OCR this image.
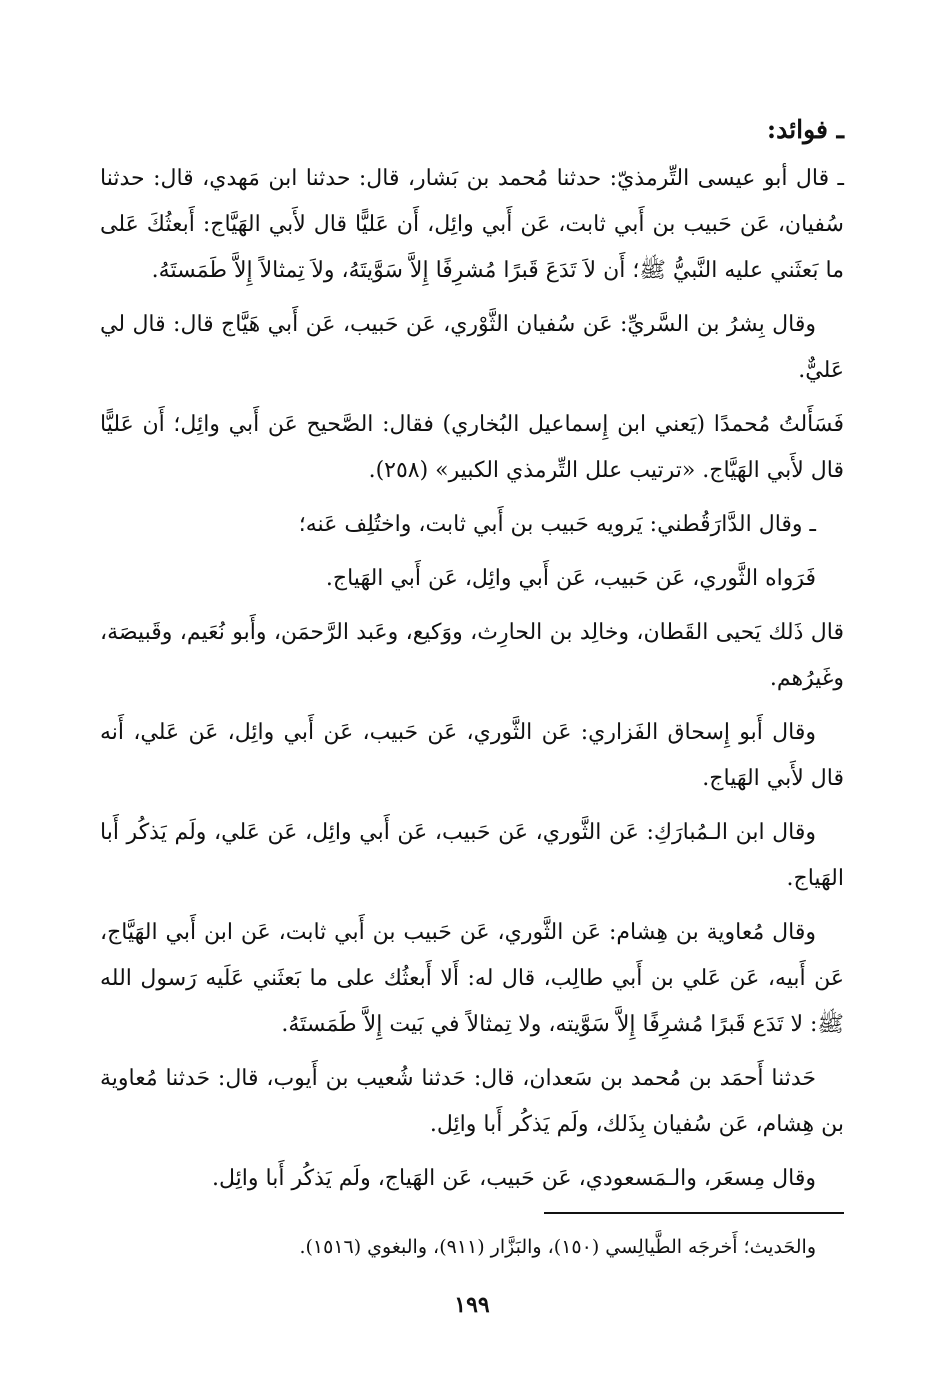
ـ فوائد:

ـ قال أبو عيسى التِّرمذيّ: حدثنا مُحمد بن بَشار، قال: حدثنا ابن مَهدي، قال: حدثنا سُفيان، عَن حَبيب بن أَبي ثابت، عَن أَبي وائِل، أَن عَليًّا قال لأَبي الهَيَّاج: أَبعثُكَ عَلى ما بَعثَني عليه النَّبيُّ ﷺ؛ أَن لاَ تَدَعَ قَبرًا مُشرِفًا إِلاَّ سَوَّيتَهُ، ولاَ تِمثالاً إِلاَّ طَمَستَهُ.

وقال بِشرُ بن السَّريِّ: عَن سُفيان الثَّوْري، عَن حَبيب، عَن أَبي هَيَّاج قال: قال لي عَليٌّ.

فَسَأَلتُ مُحمدًا (يَعني ابن إِسماعيل البُخاري) فقال: الصَّحيح عَن أَبي وائِل؛ أَن عَليًّا قال لأَبي الهَيَّاج. «ترتيب علل التِّرمذي الكبير» (٢٥٨).

ـ وقال الدَّارَقُطني: يَرويه حَبيب بن أَبي ثابت، واختُلِف عَنه؛

فَرَواه الثَّوري، عَن حَبيب، عَن أَبي وائِل، عَن أَبي الهَياج.

قال ذَلك يَحيى القَطان، وخالِد بن الحارِث، ووَكيع، وعَبد الرَّحمَن، وأَبو نُعَيم، وقَبيصَة، وغَيرُهم.

وقال أَبو إِسحاق الفَزاري: عَن الثَّوري، عَن حَبيب، عَن أَبي وائِل، عَن عَلي، أَنه قال لأَبي الهَياج.

وقال ابن الـمُبارَكِ: عَن الثَّوري، عَن حَبيب، عَن أَبي وائِل، عَن عَلي، ولَم يَذكُر أَبا الهَياج.

وقال مُعاوية بن هِشام: عَن الثَّوري، عَن حَبيب بن أَبي ثابت، عَن ابن أَبي الهَيَّاج، عَن أَبيه، عَن عَلي بن أَبي طالِب، قال له: أَلا أَبعثُك على ما بَعثَني عَلَيه رَسول الله ﷺ: لا تَدَع قَبرًا مُشرِفًا إِلاَّ سَوَّيته، ولا تِمثالاً في بَيت إِلاَّ طَمَستَهُ.

حَدثنا أَحمَد بن مُحمد بن سَعدان، قال: حَدثنا شُعيب بن أَيوب، قال: حَدثنا مُعاوية بن هِشام، عَن سُفيان بِذَلك، ولَم يَذكُر أَبا وائِل.

وقال مِسعَر، والـمَسعودي، عَن حَبيب، عَن الهَياج، ولَم يَذكُر أَبا وائِل.

والحَديث؛ أَخرجَه الطَّيالِسي (١٥٠)، والبَزَّار (٩١١)، والبغوي (١٥١٦).
١٩٩
